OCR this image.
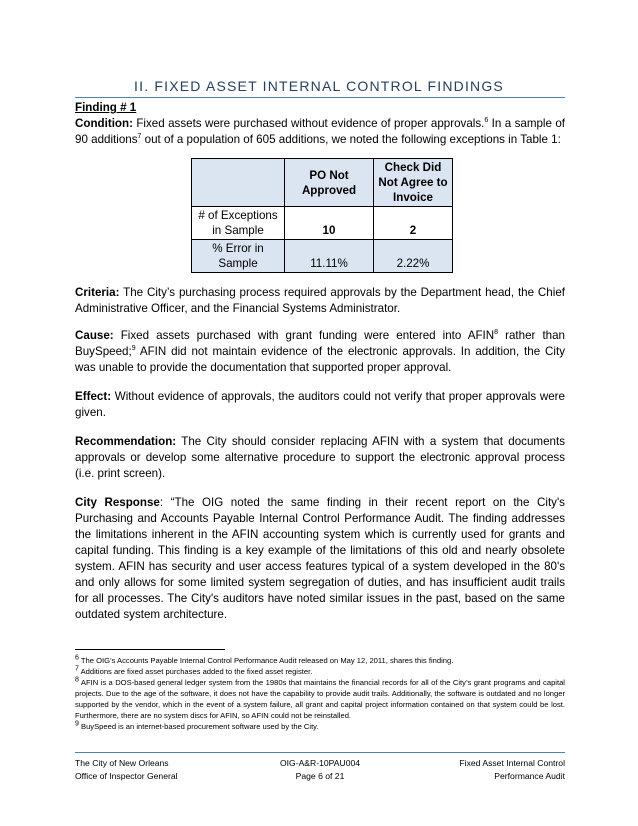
II. FIXED ASSET INTERNAL CONTROL FINDINGS
Finding # 1

Condition: Fixed assets were purchased without evidence of proper approvals.$^6$ In a sample of 90 additions$^7$ out of a population of 605 additions, we noted the following exceptions in Table 1:

	PO Not Approved	Check Did Not Agree to Invoice
# of Exceptions in Sample	10	2
% Error in Sample	11.11%	2.22%

Criteria: The City’s purchasing process required approvals by the Department head, the Chief Administrative Officer, and the Financial Systems Administrator.

Cause: Fixed assets purchased with grant funding were entered into AFIN$^8$ rather than BuySpeed;$^9$ AFIN did not maintain evidence of the electronic approvals. In addition, the City was unable to provide the documentation that supported proper approval.

Effect: Without evidence of approvals, the auditors could not verify that proper approvals were given.

Recommendation: The City should consider replacing AFIN with a system that documents approvals or develop some alternative procedure to support the electronic approval process (i.e. print screen).

City Response: “The OIG noted the same finding in their recent report on the City's Purchasing and Accounts Payable Internal Control Performance Audit. The finding addresses the limitations inherent in the AFIN accounting system which is currently used for grants and capital funding. This finding is a key example of the limitations of this old and nearly obsolete system. AFIN has security and user access features typical of a system developed in the 80's and only allows for some limited system segregation of duties, and has insufficient audit trails for all processes. The City's auditors have noted similar issues in the past, based on the same outdated system architecture.

$^6$ The OIG’s Accounts Payable Internal Control Performance Audit released on May 12, 2011, shares this finding.

$^7$ Additions are fixed asset purchases added to the fixed asset register.

$^8$ AFIN is a DOS-based general ledger system from the 1980s that maintains the financial records for all of the City’s grant programs and capital projects. Due to the age of the software, it does not have the capability to provide audit trails. Additionally, the software is outdated and no longer supported by the vendor, which in the event of a system failure, all grant and capital project information contained on that system could be lost. Furthermore, there are no system discs for AFIN, so AFIN could not be reinstalled.

$^9$ BuySpeed is an internet-based procurement software used by the City.

The City of New Orleans
Office of Inspector General
OIG-A&R-10PAU004
Page 6 of 21
Fixed Asset Internal Control
Performance Audit
